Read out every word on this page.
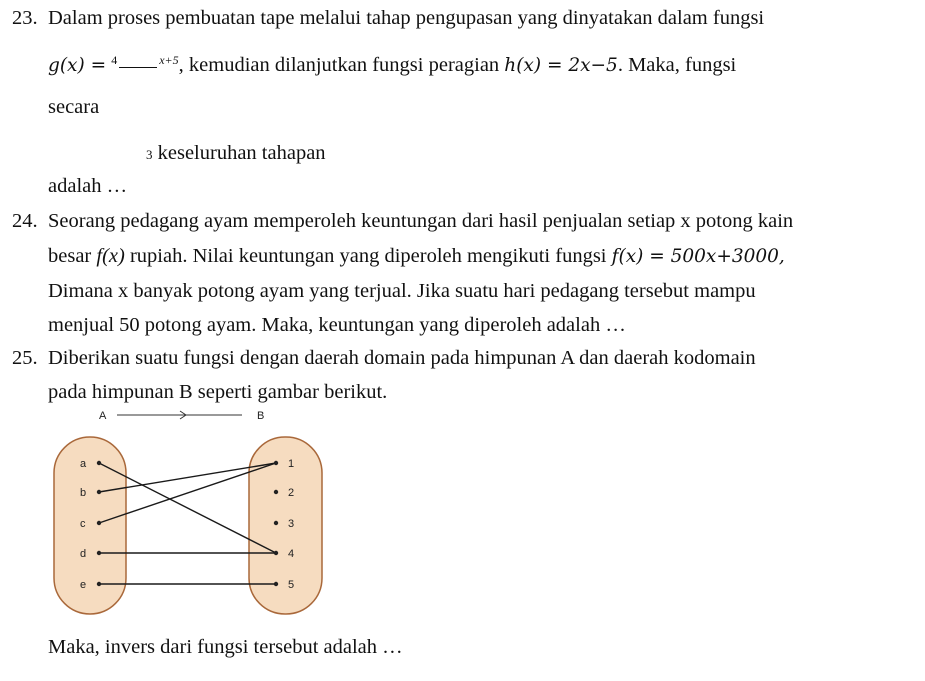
23. Dalam proses pembuatan tape melalui tahap pengupasan yang dinyatakan dalam fungsi
g(x) = $^4$	$^{x+5}$, kemudian dilanjutkan fungsi peragian h(x) = 2x−5. Maka, fungsi
secara
3 keseluruhan tahapan
adalah …
24. Seorang pedagang ayam memperoleh keuntungan dari hasil penjualan setiap x potong kain
besar f(x) rupiah. Nilai keuntungan yang diperoleh mengikuti fungsi f(x) = 500x+3000,
Dimana x banyak potong ayam yang terjual. Jika suatu hari pedagang tersebut mampu
menjual 50 potong ayam. Maka, keuntungan yang diperoleh adalah …
25. Diberikan suatu fungsi dengan daerah domain pada himpunan A dan daerah kodomain
pada himpunan B seperti gambar berikut.
A	B
a
b
c
d
e
1
2
3
4
5
Maka, invers dari fungsi tersebut adalah …
